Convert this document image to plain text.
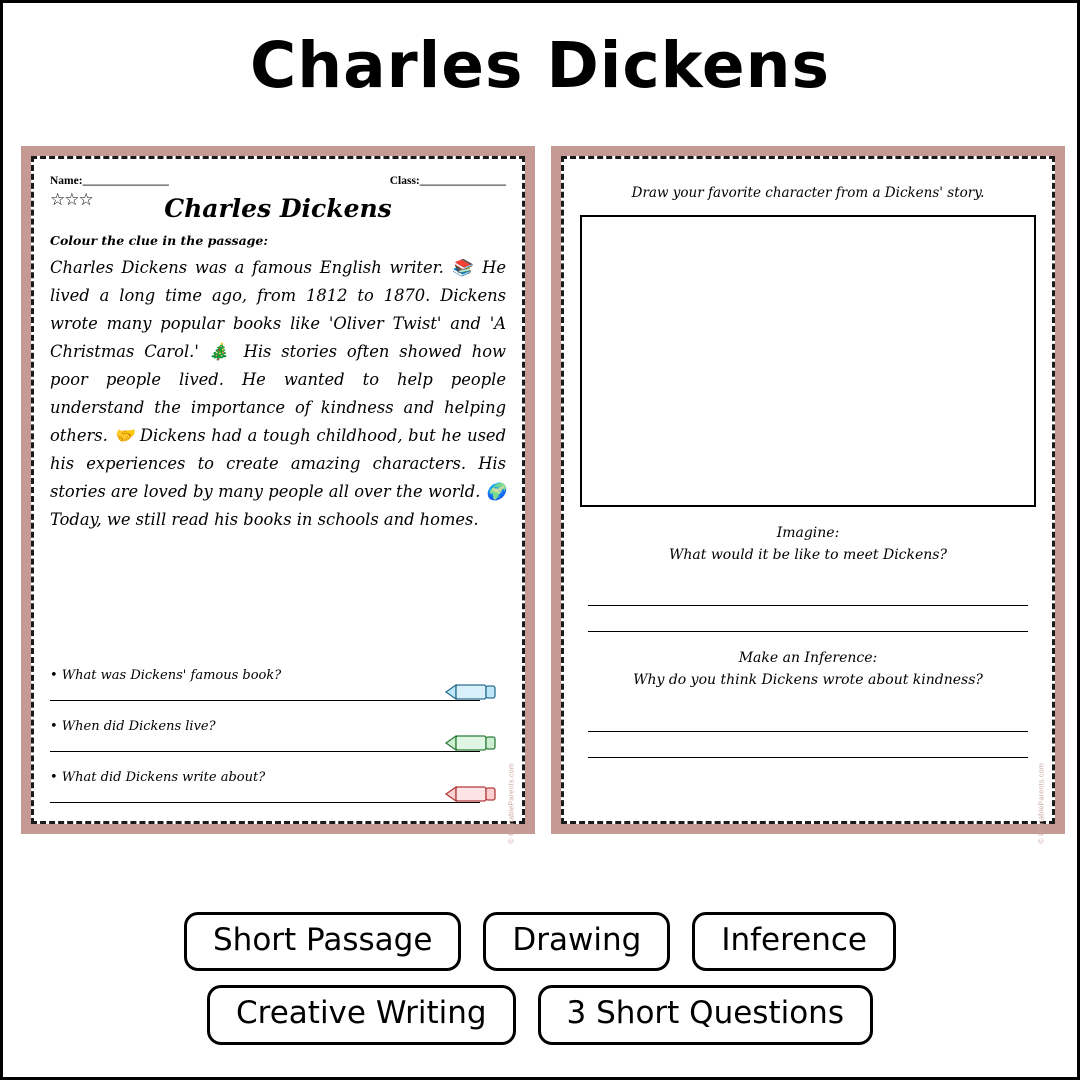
Charles Dickens
Name:_______________	Class:_______________
☆☆☆	Charles Dickens
Colour the clue in the passage:
Charles Dickens was a famous English writer. 📚 He lived a long time ago, from 1812 to 1870. Dickens wrote many popular books like 'Oliver Twist' and 'A Christmas Carol.' 🎄 His stories often showed how poor people lived. He wanted to help people understand the importance of kindness and helping others. 🤝 Dickens had a tough childhood, but he used his experiences to create amazing characters. His stories are loved by many people all over the world. 🌍 Today, we still read his books in schools and homes.
• What was Dickens' famous book?
• When did Dickens live?
• What did Dickens write about?	© PrintableParents.com
Draw your favorite character from a Dickens' story.
Imagine:
What would it be like to meet Dickens?
Make an Inference:
Why do you think Dickens wrote about kindness?
© PrintableParents.com
Short Passage	Drawing	Inference
Creative Writing	3 Short Questions
